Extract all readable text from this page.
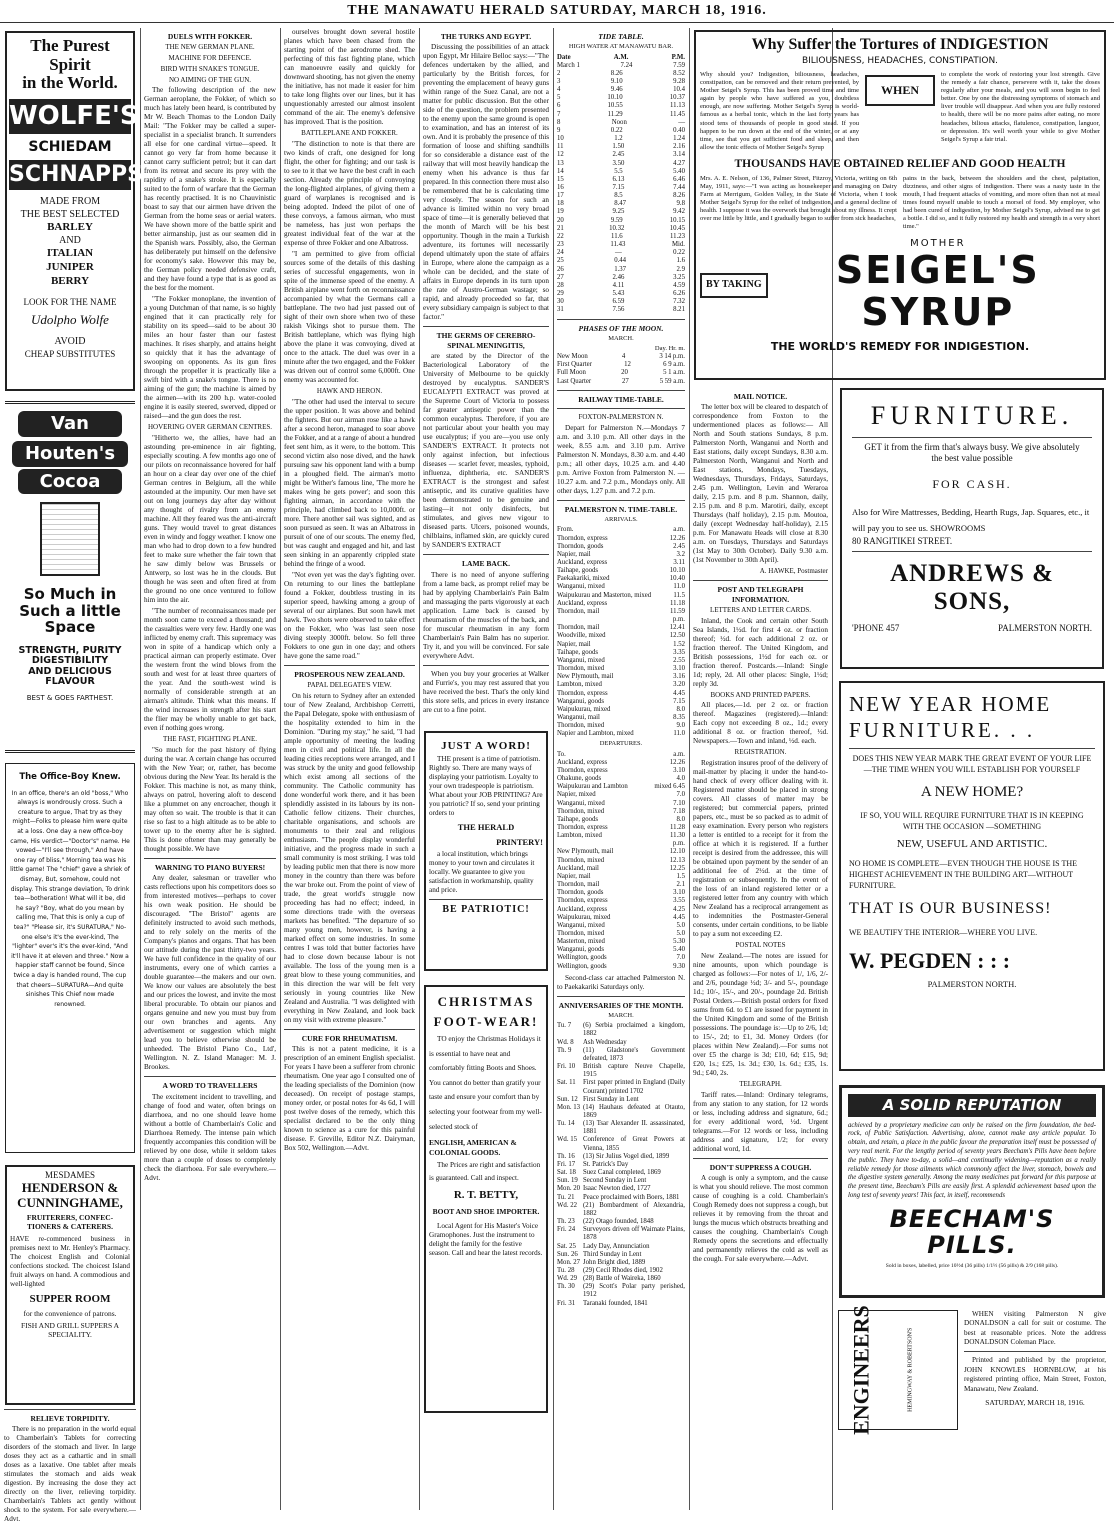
THE MANAWATU HERALD SATURDAY, MARCH 18, 1916.
The Purest Spirit
in the World.
WOLFE'S
SCHIEDAM
SCHNAPPS
MADE FROM
THE BEST SELECTED
BARLEY
AND
ITALIAN
JUNIPER
BERRY
LOOK FOR THE NAME
Udolpho Wolfe
AVOID
CHEAP SUBSTITUTES
Van
Houten's
Cocoa
So Much in
Such a little
Space
STRENGTH, PURITY
DIGESTIBILITY
AND DELICIOUS
FLAVOUR
BEST & GOES FARTHEST.
The Office-Boy Knew.
In an office, there's an old "boss," Who always is wondrously cross. Such a creature to argue, That try as they might—Folks to please him were quite at a loss. One day a new office-boy came, His verdict—"Doctor's" name. He vowed—"I'll see through," And have one ray of bliss," Morning tea was his little game! The "chief" gave a shriek of dismay, But, somehow, could not display. This strange deviation, To drink tea—botheration! What will it be, did he say? "Boy, what do you mean by calling me, That this is only a cup of tea?" "Please sir, it's SURATURA," No-one else's it's the ever-kind, The "lighter" ever's it's the ever-kind, "And it'll have it at eleven and three." Now a happier staff cannot be found, Since twice a day is handed round, The cup that cheers—SURATURA—And quite sinishes This Chief now made renowned.
MESDAMES
HENDERSON &
CUNNINGHAME,
FRUITERERS, CONFEC-TIONERS & CATERERS.
HAVE re-commenced business in premises next to Mr. Henley's Pharmacy. The choicest English and Colonial confections stocked. The choicest Island fruit always on hand. A commodious and well-lighted
SUPPER ROOM
for the convenience of patrons.
FISH AND GRILL SUPPERS A SPECIALITY.
RELIEVE TORPIDITY.
There is no preparation in the world equal to Chamberlain's Tablets for correcting disorders of the stomach and liver. In large doses they act as a cathartic and in small doses as a laxative. One tablet after meals stimulates the stomach and aids weak digestion. By increasing the dose they act directly on the liver, relieving torpidity. Chamberlain's Tablets act gently without shock to the system. For sale everywhere.—Advt.
DUELS WITH FOKKER.
THE NEW GERMAN PLANE.
MACHINE FOR DEFENCE.
BIRD WITH SNAKE'S TONGUE.
NO AIMING OF THE GUN.
The following description of the new German aeroplane, the Fokker, of which so much has lately been heard, is contributed by Mr W. Beach Thomas to the London Daily Mail: "The Fokker may be called a super-specialist in a specialist branch. It surrenders all else for one cardinal virtue—speed. It cannot go very far from home because it cannot carry sufficient petrol; but it can dart from its retreat and secure its prey with the rapidity of a snake's stroke. It is especially suited to the form of warfare that the German has recently practised. It is no Chauvinistic boast to say that our airmen have driven the German from the home seas or aerial waters. We have shown more of the battle spirit and better airmanship, just as our seamen did in the Spanish wars. Possibly, also, the German has deliberately put himself on the defensive for economy's sake. However this may be, the German policy needed defensive craft, and they have found a type that is as good as the best for the moment.
"The Fokker monoplane, the invention of a young Dutchman of that name, is so highly engined that it can practically rely for stability on its speed—said to be about 30 miles an hour faster than our fastest machines. It rises sharply, and attains height so quickly that it has the advantage of swooping on opponents. As its gun fires through the propeller it is practically like a swift bird with a snake's tongue. There is no aiming of the gun; the machine is aimed by the airmen—with its 200 h.p. water-cooled engine it is easily steered, swerved, dipped or raised—and the gun does the rest.
HOVERING OVER GERMAN CENTRES.
"Hitherto we, the allies, have had an astounding pre-eminence in air fighting, especially scouting. A few months ago one of our pilots on reconnaissance hovered for half an hour on a clear day over one of the chief German centres in Belgium, all the while astounded at the impunity. Our men have set out on long journeys day after day without any thought of rivalry from an enemy machine. All they feared was the anti-aircraft guns. They would travel to great distances even in windy and foggy weather. I know one man who had to drop down to a few hundred feet to make sure whether the fair town that he saw dimly below was Brussels or Antwerp, so lost was he in the clouds. But though he was seen and often fired at from the ground no one once ventured to follow him into the air.
"The number of reconnaissances made per month soon came to exceed a thousand; and the casualties were very few. Hardly one was inflicted by enemy craft. This supremacy was won in spite of a handicap which only a practical airman can properly estimate. Over the western front the wind blows from the south and west for at least three quarters of the year. And the south-west wind is normally of considerable strength at an airman's altitude. Think what this means. If the wind increases in strength after his start the flier may be wholly unable to get back, even if nothing goes wrong.
THE FAST, FIGHTING PLANE.
"So much for the past history of flying during the war. A certain change has occurred with the New Year; or, rather, has become obvious during the New Year. Its herald is the Fokker. This machine is not, as many think, always on patrol, hovering aloft to descend like a plummet on any encroacher, though it may often so wait. The trouble is that it can rise so fast to a high altitude as to be able to tower up to the enemy after he is sighted. This is done oftener than may generally be thought possible. We have
WARNING TO PIANO BUYERS!
Any dealer, salesman or traveller who casts reflections upon his competitors does so from interested motives—perhaps to cover his own weak position. He should be discouraged. "The Bristol" agents are definitely instructed to avoid such methods, and to rely solely on the merits of the Company's pianos and organs. That has been our attitude during the past thirty-two years. We have full confidence in the quality of our instruments, every one of which carries a double guarantee—the makers and our own. We know our values are absolutely the best and our prices the lowest, and invite the most liberal procurable. To obtain our pianos and organs genuine and new you must buy from our own branches and agents. Any advertisement or suggestion which might lead you to believe otherwise should be unheeded. The Bristol Piano Co., Ltd', Wellington. N. Z. Island Manager: M. J. Brookes.
A WORD TO TRAVELLERS
The excitement incident to travelling, and change of food and water, often brings on diarrhoea, and no one should leave home without a bottle of Chamberlain's Colic and Diarrhoea Remedy. The intense pain which frequently accompanies this condition will be relieved by one dose, while it seldom takes more than a couple of doses to completely check the diarrhoea. For sale everywhere.—Advt.
ourselves brought down several hostile planes which have been chased from the starting point of the aerodrome shed. The perfecting of this fast fighting plane, which can manoeuvre easily and quickly for downward shooting, has not given the enemy the initiative, has not made it easier for him to take long flights over our lines, but it has unquestionably arrested our almost insolent command of the air. The enemy's defensive has improved. That is the position.
BATTLEPLANE AND FOKKER.
"The distinction to note is that there are two kinds of craft, one designed for long flight, the other for fighting; and our task is to see to it that we have the best craft in each section. Already the principle of convoying the long-flighted airplanes, of giving them a guard of warplanes is recognised and is being adopted. Indeed the pilot of one of these convoys, a famous airman, who must be nameless, has just won perhaps the greatest individual feat of the war at the expense of three Fokker and one Albatross.
"I am permitted to give from official sources some of the details of this dashing series of successful engagements, won in spite of the immense speed of the enemy. A British airplane went forth on reconnaissance accompanied by what the Germans call a battleplane. The two had just passed out of sight of their own shore when two of these rakish Vikings shot to pursue them. The British battleplane, which was flying high above the plane it was convoying, dived at once to the attack. The duel was over in a minute after the two engaged, and the Fokker was driven out of control some 6,000ft. One enemy was accounted for.
HAWK AND HERON.
"The other had used the interval to secure the upper position. It was above and behind the fighters. But our airman rose like a hawk after a second heron, managed to soar above the Fokker, and at a range of about a hundred feet sent him, as it were, to the bottom. This second victim also nose dived, and the hawk pursuing saw his opponent land with a bump in a ploughed field. The airman's motto might be Wither's famous line, 'The more he makes wing he gets power'; and soon this fighting airman, in accordance with the principle, had climbed back to 10,000ft. or more. There another sail was sighted, and as soon pursued as seen. It was an Albatross in pursuit of one of our scouts. The enemy fled, but was caught and engaged and hit, and last seen sinking in an apparently crippled state behind the fringe of a wood.
"Not even yet was the day's fighting over. On returning to our lines the battleplane found a Fokker, doubtless trusting in its superior speed, hawking among a group of several of our airplanes. But soon hawk met hawk. Two shots were observed to take effect on the Fokker, who 'was last seen nose diving steeply 3000ft. below. So fell three Fokkers to one gun in one day; and others have gone the same road."
PROSPEROUS NEW ZEALAND.
PAPAL DELEGATE'S VIEW.
On his return to Sydney after an extended tour of New Zealand, Archbishop Cerretti, the Papal Delegate, spoke with enthusiasm of the hospitality extended to him in the Dominion. "During my stay," he said, "I had ample opportunity of meeting the leading men in civil and political life. In all the leading cities receptions were arranged, and I was struck by the unity and good fellowship which exist among all sections of the community. The Catholic community has done wonderful work there, and it has been splendidly assisted in its labours by its non-Catholic fellow citizens. Their churches, charitable organisations, and schools are monuments to their zeal and religious enthusiasm. "The people display wonderful initiative, and the progress made in such a small community is most striking. I was told by leading public men that there is now more money in the country than there was before the war broke out. From the point of view of trade, the great world's struggle now proceeding has had no effect; indeed, in some directions trade with the overseas markets has benefited. "The departure of so many young men, however, is having a marked effect on some industries. In some centres I was told that butter factories have had to close down because labour is not available. The loss of the young men is a great blow to these young communities, and in this direction the war will be felt very seriously in young countries like New Zealand and Australia. "I was delighted with everything in New Zealand, and look back on my visit with extreme pleasure."
CURE FOR RHEUMATISM.
This is not a patent medicine, it is a prescription of an eminent English specialist. For years I have been a sufferer from chronic rheumatism. One year ago I consulted one of the leading specialists of the Dominion (now deceased). On receipt of postage stamps, money order, or postal notes for 4s 6d, I will post twelve doses of the remedy, which this specialist declared to be the only thing known to science as a cure for this painful disease. F. Greville, Editor N.Z. Dairyman, Box 502, Wellington.—Advt.
THE TURKS AND EGYPT.
Discussing the possibilities of an attack upon Egypt, Mr Hilaire Belloc says:—"The defences undertaken by the allied, and particularly by the British forces, for preventing the emplacement of heavy guns within range of the Suez Canal, are not a matter for public discussion. But the other side of the question, the problem presented to the enemy upon the same ground is open to examination, and has an interest of its own. And it is probably the presence of this formation of loose and shifting sandhills for so considerable a distance east of the railway that will most heavily handicap the enemy when his advance is thus far prepared. In this connection there must also be remembered that he is calculating time very closely. The season for such an advance is limited within no very broad space of time—it is generally believed that the month of March will be his best opportunity. Though in the main a Turkish adventure, its fortunes will necessarily depend ultimately upon the state of affairs in Europe, where alone the campaign as a whole can be decided, and the state of affairs in Europe depends in its turn upon the rate of Austro-German wastage; so rapid, and already proceeded so far, that every subsidiary campaign is subject to that factor."
THE GERMS OF CEREBRO-SPINAL MENINGITIS,
are stated by the Director of the Bacteriological Laboratory of the University of Melbourne to be quickly destroyed by eucalyptus. SANDER'S EUCALYPTI EXTRACT was proved at the Supreme Court of Victoria to possess far greater antiseptic power than the common eucalyptus. Therefore, if you are not particular about your health you may use eucalyptus; if you are—you use only SANDER'S EXTRACT. It protects not only against infection, but infectious diseases — scarlet fever, measles, typhoid, influenza, diphtheria, etc. SANDER'S EXTRACT is the strongest and safest antiseptic, and its curative qualities have been demonstrated to be genuine and lasting—it not only disinfects, but stimulates, and gives new vigour to diseased parts. Ulcers, poisoned wounds, chilblains, inflamed skin, are quickly cured by SANDER'S EXTRACT
LAME BACK.
There is no need of anyone suffering from a lame back, as prompt relief may be had by applying Chamberlain's Pain Balm and massaging the parts vigorously at each application. Lame back is caused by rheumatism of the muscles of the back, and for muscular rheumatism in any form Chamberlain's Pain Balm has no superior. Try it, and you will be convinced. For sale everywhere Advt.
When you buy your groceries at Walker and Furrie's, you may rest assured that you have received the best. That's the only kind this store sells, and prices in every instance are cut to a fine point.
JUST A WORD!
THE present is a time of patriotism. Rightly so. There are many ways of displaying your patriotism. Loyalty to your own tradespeople is patriotism. What about your JOB PRINTING? Are you patriotic? If so, send your printing orders to
THE HERALD
PRINTERY!
a local institution, which brings money to your town and circulates it locally. We guarantee to give you satisfaction in workmanship, quality and price.
BE PATRIOTIC!
CHRISTMAS
FOOT-WEAR!
TO enjoy the Christmas Holidays it is essential to have neat and comfortably fitting Boots and Shoes. You cannot do better than gratify your taste and ensure your comfort than by selecting your footwear from my well-selected stock of
ENGLISH, AMERICAN & COLONIAL GOODS.
The Prices are right and satisfaction is guaranteed. Call and inspect.
R. T. BETTY,
BOOT AND SHOE IMPORTER.
Local Agent for His Master's Voice Gramophones. Just the instrument to delight the family for the festive season. Call and hear the latest records.
TIDE TABLE.
HIGH WATER AT MANAWATU BAR.
Date	A.M.	P.M.
March 1	7.24	7.59
2	8.26	8.52
3	9.10	9.28
4	9.46	10.4
5	10.10	10.37
6	10.55	11.13
7	11.29	11.45
8	Noon	—
9	0.22	0.40
10	1.2	1.24
11	1.50	2.16
12	2.45	3.14
13	3.50	4.27
14	5.5	5.40
15	6.13	6.46
16	7.15	7.44
17	8.5	8.26
18	8.47	9.8
19	9.25	9.42
20	9.59	10.15
21	10.32	10.45
22	11.6	11.23
23	11.43	Mid.
24	—	0.22
25	0.44	1.6
26	1.37	2.9
27	2.46	3.25
28	4.11	4.59
29	5.43	6.26
30	6.59	7.32
31	7.56	8.21
PHASES OF THE MOON.
MARCH.
Day. Hr. m.
New Moon	4	3 14 p.m.
First Quarter	12	6 9 a.m.
Full Moon	20	5 1 a.m.
Last Quarter	27	5 59 a.m.
RAILWAY TIME-TABLE.
FOXTON-PALMERSTON N.
Depart for Palmerston N.—Mondays 7 a.m. and 3.10 p.m. All other days in the week, 8.55 a.m. and 3.10 p.m. Arrive Palmerston N. Mondays, 8.30 a.m. and 4.40 p.m.; all other days, 10.25 a.m. and 4.40 p.m. Arrive Foxton from Palmerston N. —10.27 a.m. and 7.2 p.m., Mondays only. All other days, 1.27 p.m. and 7.2 p.m.
PALMERSTON N. TIME-TABLE.
ARRIVALS.
From.	a.m.
Thorndon, express	12.26
Thorndon, goods	2.45
Napier, mail	3.2
Auckland, express	3.11
Taihape, goods	10.10
Paekakariki, mixed	10.40
Wanganui, mixed	11.0
Waipukurau and Masterton, mixed	11.5
Auckland, express	11.18
Thorndon, mail	11.59
p.m.
Thorndon, mail	12.41
Woodville, mixed	12.50
Napier, mail	1.52
Taihape, goods	3.35
Wanganui, mixed	2.55
Thorndon, mixed	3.10
New Plymouth, mail	3.16
Lambton, mixed	3.20
Thorndon, express	4.45
Wanganui, goods	7.15
Waipukurau, mixed	8.0
Wanganui, mail	8.35
Thorndon, mixed	9.0
Napier and Lambton, mixed	11.0
DEPARTURES.
To.	a.m.
Auckland, express	12.26
Thorndon, express	3.10
Ohakune, goods	4.0
Waipukurau and Lambton	mixed 6.45
Napier, mixed	7.0
Wanganui, mixed	7.10
Thorndon, mixed	7.18
Taihape, goods	8.0
Thorndon, express	11.28
Lambton, mixed	11.30
p.m.
New Plymouth, mail	12.10
Thorndon, mixed	12.13
Auckland, mail	12.25
Napier, mail	1.5
Thorndon, mail	2.1
Thorndon, goods	3.10
Thorndon, express	3.55
Auckland, express	4.25
Waipukurau, mixed	4.45
Wanganui, mixed	5.0
Thorndon, mixed	5.0
Masterton, mixed	5.30
Wanganui, goods	5.40
Wellington, goods	7.0
Wellington, goods	9.30
Second-class car attached Palmerston N. to Paekakariki Saturdays only.
ANNIVERSARIES OF THE MONTH.
MARCH.
Tu. 7	(6) Serbia proclaimed a kingdom, 1882
Wd. 8	Ash Wednesday
Th. 9	(11) Gladstone's Government defeated, 1873
Fri. 10	British capture Neuve Chapelle, 1915
Sat. 11	First paper printed in England (Daily Courant) printed 1702
Sun. 12 First Sunday in Lent
Mon. 13 (14) Hauhaus defeated at Otauto, 1869
Tu. 14	(13) Tsar Alexander II. assassinated, 1881
Wd. 15 Conference of Great Powers at Vienna, 1855
Th. 16	(13) Sir Julius Vogel died, 1899
Fri. 17	St. Patrick's Day
Sat. 18	Suez Canal completed, 1869
Sun. 19 Second Sunday in Lent
Mon. 20 Isaac Newton died, 1727
Tu. 21	Peace proclaimed with Boers, 1881
Wd. 22 (21) Bombardment of Alexandria, 1882
Th. 23	(22) Otago founded, 1848
Fri. 24	Surveyors driven off Waimate Plains, 1878
Sat. 25	Lady Day, Annunciation
Sun. 26 Third Sunday in Lent
Mon. 27 John Bright died, 1889
Tu. 28	(29) Cecil Rhodes died, 1902
Wd. 29 (28) Battle of Waireka, 1860
Th. 30	(29) Scott's Polar party perished, 1912
Fri. 31	Taranaki founded, 1841
Why Suffer the Tortures of INDIGESTION
BILIOUSNESS, HEADACHES, CONSTIPATION.
Why should you? Indigestion, biliousness, headaches, constipation, can be removed and their return prevented, by Mother Seigel's Syrup. This has been proved time and time again by people who have suffered as you, doubtless enough, are now suffering. Mother Seigel's Syrup is world-famous as a herbal tonic, which in the last forty years has stood tens of thousands of people in good stead. If you happen to be run down at the end of the winter, or at any time, see that you get sufficient food and sleep, and then allow the tonic effects of Mother Seigel's Syrup
WHEN
to complete the work of restoring your lost strength. Give the remedy a fair chance, persevere with it, take the doses regularly after your meals, and you will soon begin to feel better. One by one the distressing symptoms of stomach and liver trouble will disappear. And when you are fully restored to health, there will be no more pains after eating, no more headaches, bilious attacks, flatulence, constipation, languor, or depression. It's well worth your while to give Mother Seigel's Syrup a fair trial.
THOUSANDS HAVE OBTAINED RELIEF AND GOOD HEALTH
Mrs. A. E. Nelson, of 136, Palmer Street, Fitzroy, Victoria, writing on 6th May, 1911, says:—"I was acting as housekeeper and managing on Dairy Farm at Merrigum, Golden Valley, in the State of Victoria, when I took Mother Seigel's Syrup for the relief of indigestion, and a general decline of health. I suppose it was the overwork that brought about my illness. It crept over me little by little, and I gradually began to suffer from sick headaches,
pains in the back, between the shoulders and the chest, palpitation, dizziness, and other signs of indigestion. There was a nasty taste in the mouth, I had frequent attacks of vomiting, and more often than not at meal times found myself unable to touch a morsel of food. My employer, who had been cured of indigestion, by Mother Seigel's Syrup, advised me to get a bottle. I did so, and it fully restored my health and strength in a very short time."
BY TAKING
MOTHER
SEIGEL'S SYRUP
THE WORLD'S REMEDY FOR INDIGESTION.
MAIL NOTICE.
The letter box will be cleared to despatch of correspondence from Foxton to the undermentioned places as follows:— All North and South stations Sundays, 8 p.m. Palmerston North, Wanganui and North and East stations, daily except Sundays, 8.30 a.m. Palmerston North, Wanganui and North and East stations, Mondays, Tuesdays, Wednesdays, Thursdays, Fridays, Saturdays, 2.45 p.m. Wellington, Levin and Weraroa daily, 2.15 p.m. and 8 p.m. Shannon, daily, 2.15 p.m. and 8 p.m. Marotiri, daily, except Thursdays (half holiday), 2.15 p.m. Moutoa, daily (except Wednesday half-holiday), 2.15 p.m. For Manawatu Heads will close at 8.30 a.m. on Tuesdays, Thursdays and Saturdays (1st May to 30th October). Daily 9.30 a.m. (1st November to 30th April).
A. HAWKE, Postmaster
POST AND TELEGRAPH INFORMATION.
LETTERS AND LETTER CARDS.
Inland, the Cook and certain other South Sea Islands, 1½d. for first 4 oz. or fraction thereof; ½d. for each additional 2 oz. or fraction thereof. The United Kingdom, and British possessions, 1½d for each oz. or fraction thereof. Postcards.—Inland: Single 1d; reply, 2d. All other places: Single, 1½d; reply 3d.
BOOKS AND PRINTED PAPERS.
All places,—1d. per 2 oz. or fraction thereof. Magazines (registered).—Inland: Each copy not exceeding 8 oz., 1d.; every additional 8 oz. or fraction thereof, ½d. Newspapers.—Town and inland, ½d. each.
REGISTRATION.
Registration insures proof of the delivery of mail-matter by placing it under the hand-to-hand check of every officer dealing with it. Registered matter should be placed in strong covers. All classes of matter may be registered; but commercial papers, printed papers, etc., must be so packed as to admit of easy examination. Every person who registers a letter is entitled to a receipt for it from the office at which it is registered. If a further receipt is desired from the addressee, this will be obtained upon payment by the sender of an additional fee of 2½d. at the time of registration or subsequently. In the event of the loss of an inland registered letter or a registered letter from any country with which New Zealand has a reciprocal arrangement as to indemnities the Postmaster-General consents, under certain conditions, to be liable to pay a sum not exceeding £2.
POSTAL NOTES
New Zealand.—The notes are issued for nine amounts, upon which poundage is charged as follows:—For notes of 1/, 1/6, 2/- and 2/6, poundage ½d; 3/- and 5/-, poundage 1d.; 10/-, 15/-, and 20/-, poundage 2d. British Postal Orders.—British postal orders for fixed sums from 6d. to £1 are issued for payment in the United Kingdom and some of the British possessions. The poundage is:—Up to 2/6, 1d; to 15/-, 2d; to £1, 3d. Money Orders (for places within New Zealand).—For sums not over £5 the charge is 3d; £10, 6d; £15, 9d; £20, 1s.; £25, 1s. 3d.; £30, 1s. 6d.; £35, 1s. 9d.; £40, 2s.
TELEGRAPH.
Tariff rates.—Inland: Ordinary telegrams, from any station to any station, for 12 words or less, including address and signature, 6d.; for every additional word, ½d. Urgent telegrams.—For 12 words or less, including address and signature, 1/2; for every additional word, 1d.
DON'T SUPPRESS A COUGH.
A cough is only a symptom, and the cause is what you should relieve. The most common cause of coughing is a cold. Chamberlain's Cough Remedy does not suppress a cough, but relieves it by removing from the throat and lungs the mucus which obstructs breathing and causes the coughing. Chamberlain's Cough Remedy opens the secretions and effectually and permanently relieves the cold as well as the cough. For sale everywhere.—Advt.
FURNITURE.
GET it from the firm that's always busy. We give absolutely the best value possible
FOR CASH.
Also for Wire Mattresses, Bedding, Hearth Rugs, Jap. Squares, etc., it will pay you to see us. SHOWROOMS
80 RANGITIKEI STREET.
ANDREWS & SONS,
'PHONE 457	PALMERSTON NORTH.
NEW YEAR HOME
FURNITURE. . .
DOES THIS NEW YEAR MARK THE GREAT EVENT OF YOUR LIFE—THE TIME WHEN YOU WILL ESTABLISH FOR YOURSELF
A NEW HOME?
IF SO, YOU WILL REQUIRE FURNITURE THAT IS IN KEEPING WITH THE OCCASION —SOMETHING
NEW, USEFUL AND ARTISTIC.
NO HOME IS COMPLETE—EVEN THOUGH THE HOUSE IS THE HIGHEST ACHIEVEMENT IN THE BUILDING ART—WITHOUT FURNITURE.
THAT IS OUR BUSINESS!
WE BEAUTIFY THE INTERIOR—WHERE YOU LIVE.
W. PEGDEN : : :
PALMERSTON NORTH.
A SOLID REPUTATION
achieved by a proprietary medicine can only be raised on the firm foundation, the bed-rock, of Public Satisfaction. Advertising, alone, cannot make any article popular. To obtain, and retain, a place in the public favour the preparation itself must be possessed of very real merit. For the lengthy period of seventy years Beecham's Pills have been before the public. They have to-day, a solid—and continually widening—reputation as a really reliable remedy for those ailments which commonly affect the liver, stomach, bowels and the digestive system generally. Among the many medicines put forward for this purpose at the present time, Beecham's Pills are easily first. A splendid achievement based upon the long test of seventy years! This fact, in itself, recommends
BEECHAM'S PILLS.
Sold in boxes, labelled, price 10½d (36 pills) 1/1½ (56 pills) & 2/9 (168 pills).
ENGINEERS	HEMINGWAY & ROBERTSON'S
WHEN visiting Palmerston N give DONALDSON a call for suit or costume. The best at reasonable prices. Note the address DONALDSON Coleman Place.
Printed and published by the proprietor, JOHN KNOWLES HORNBLOW, at his registered printing office, Main Street, Foxton, Manawatu, New Zealand.
SATURDAY, MARCH 18, 1916.
